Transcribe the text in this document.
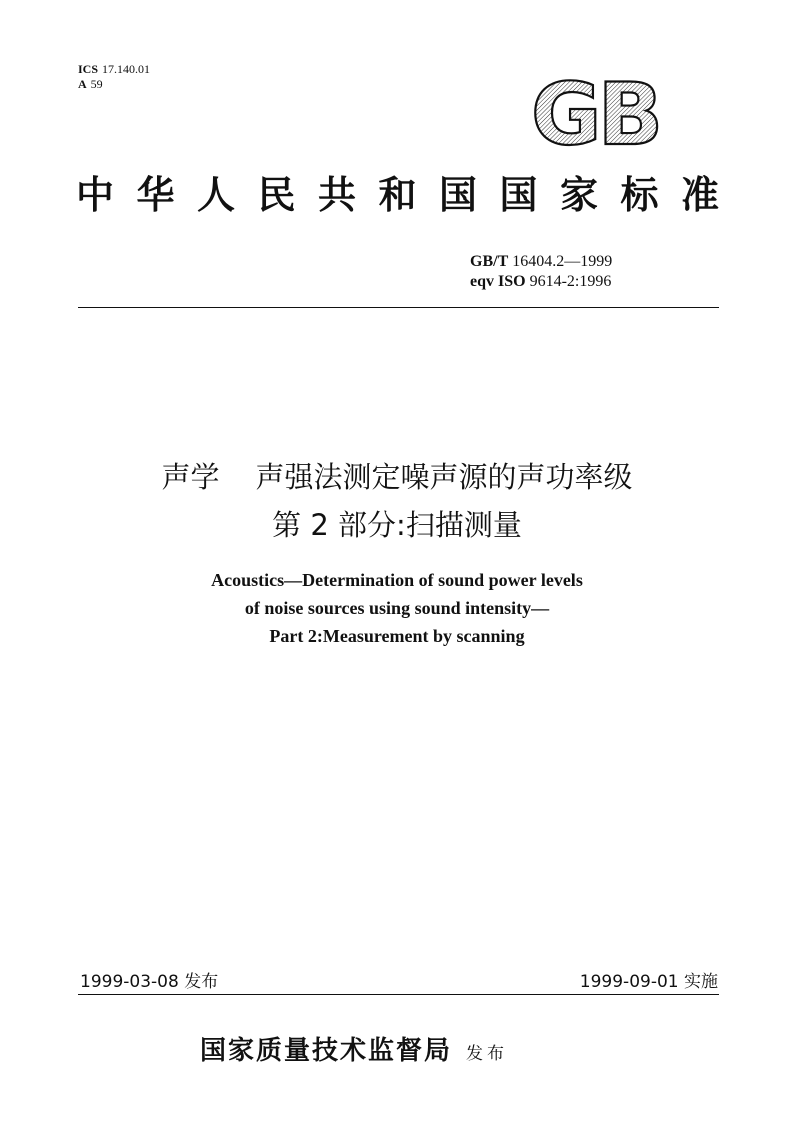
ICS 17.140.01
A 59	GB
中华人民共和国国家标准
GB/T 16404.2—1999
eqv ISO 9614-2:1996
声学 声强法测定噪声源的声功率级
第 2 部分:扫描测量
Acoustics—Determination of sound power levels
of noise sources using sound intensity—
Part 2:Measurement by scanning
1999-03-08 发布	1999-09-01 实施
国家质量技术监督局 发布
